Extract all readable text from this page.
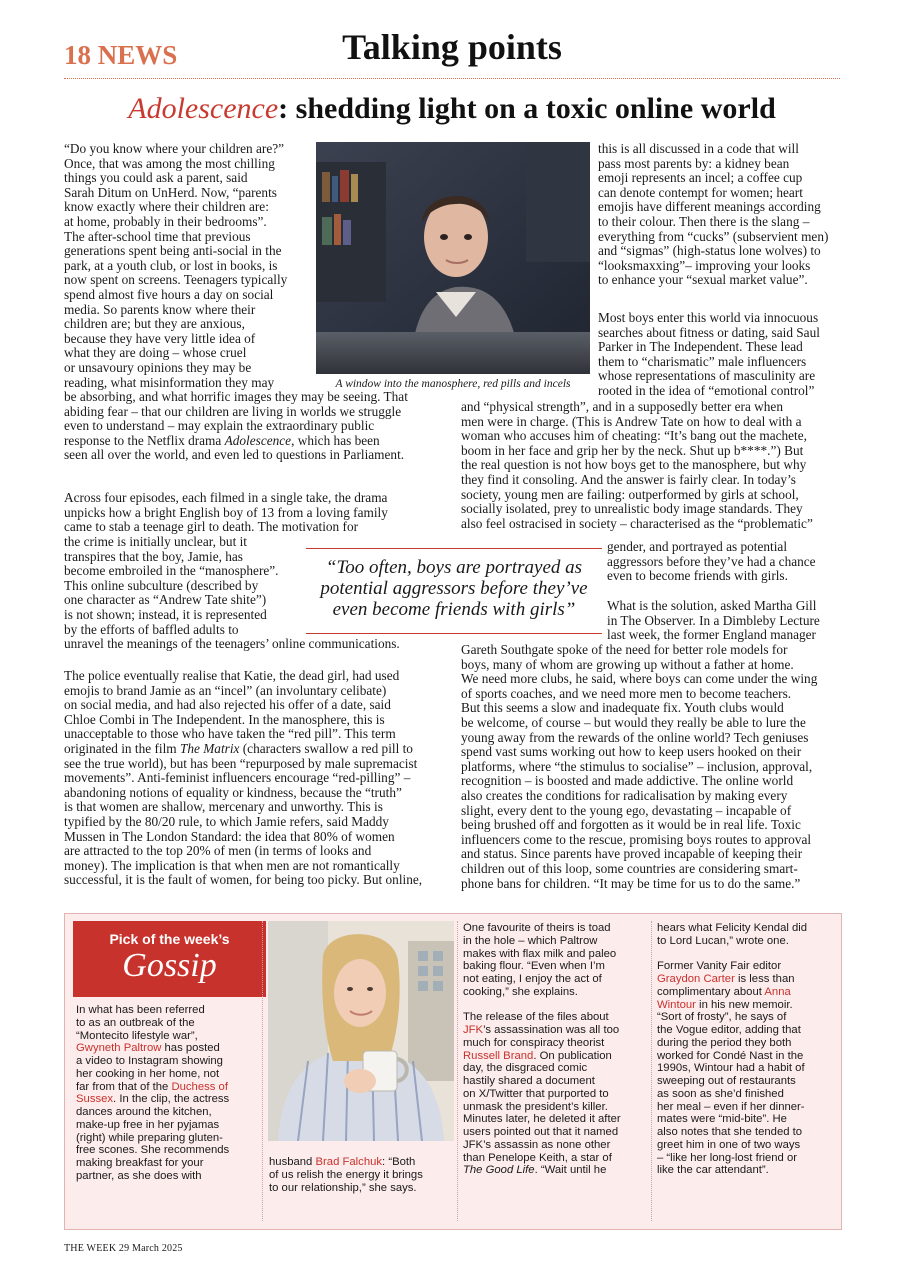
18 NEWS	Talking points
Adolescence: shedding light on a toxic online world
“Do you know where your children are?”
Once, that was among the most chilling
things you could ask a parent, said
Sarah Ditum on UnHerd. Now, “parents
know exactly where their children are:
at home, probably in their bedrooms”.
The after-school time that previous
generations spent being anti-social in the
park, at a youth club, or lost in books, is
now spent on screens. Teenagers typically
spend almost five hours a day on social
media. So parents know where their
children are; but they are anxious,
because they have very little idea of
what they are doing – whose cruel
or unsavoury opinions they may be
reading, what misinformation they may
be absorbing, and what horrific images they may be seeing. That
abiding fear – that our children are living in worlds we struggle
even to understand – may explain the extraordinary public
response to the Netflix drama Adolescence, which has been
seen all over the world, and even led to questions in Parliament.
Across four episodes, each filmed in a single take, the drama
unpicks how a bright English boy of 13 from a loving family
came to stab a teenage girl to death. The motivation for
the crime is initially unclear, but it
transpires that the boy, Jamie, has
become embroiled in the “manosphere”.
This online subculture (described by
one character as “Andrew Tate shite”)
is not shown; instead, it is represented
by the efforts of baffled adults to
unravel the meanings of the teenagers’ online communications.
The police eventually realise that Katie, the dead girl, had used
emojis to brand Jamie as an “incel” (an involuntary celibate)
on social media, and had also rejected his offer of a date, said
Chloe Combi in The Independent. In the manosphere, this is
unacceptable to those who have taken the “red pill”. This term
originated in the film The Matrix (characters swallow a red pill to
see the true world), but has been “repurposed by male supremacist
movements”. Anti-feminist influencers encourage “red-pilling” –
abandoning notions of equality or kindness, because the “truth”
is that women are shallow, mercenary and unworthy. This is
typified by the 80/20 rule, to which Jamie refers, said Maddy
Mussen in The London Standard: the idea that 80% of women
are attracted to the top 20% of men (in terms of looks and
money). The implication is that when men are not romantically
successful, it is the fault of women, for being too picky. But online,
A window into the manosphere, red pills and incels
this is all discussed in a code that will
pass most parents by: a kidney bean
emoji represents an incel; a coffee cup
can denote contempt for women; heart
emojis have different meanings according
to their colour. Then there is the slang –
everything from “cucks” (subservient men)
and “sigmas” (high-status lone wolves) to
“looksmaxxing”– improving your looks
to enhance your “sexual market value”.
Most boys enter this world via innocuous
searches about fitness or dating, said Saul
Parker in The Independent. These lead
them to “charismatic” male influencers
whose representations of masculinity are
rooted in the idea of “emotional control”
and “physical strength”, and in a supposedly better era when
men were in charge. (This is Andrew Tate on how to deal with a
woman who accuses him of cheating: “It’s bang out the machete,
boom in her face and grip her by the neck. Shut up b****.”) But
the real question is not how boys get to the manosphere, but why
they find it consoling. And the answer is fairly clear. In today’s
society, young men are failing: outperformed by girls at school,
socially isolated, prey to unrealistic body image standards. They
also feel ostracised in society – characterised as the “problematic”
gender, and portrayed as potential
aggressors before they’ve had a chance
even to become friends with girls.
What is the solution, asked Martha Gill
in The Observer. In a Dimbleby Lecture
last week, the former England manager
Gareth Southgate spoke of the need for better role models for
boys, many of whom are growing up without a father at home.
We need more clubs, he said, where boys can come under the wing
of sports coaches, and we need more men to become teachers.
But this seems a slow and inadequate fix. Youth clubs would
be welcome, of course – but would they really be able to lure the
young away from the rewards of the online world? Tech geniuses
spend vast sums working out how to keep users hooked on their
platforms, where “the stimulus to socialise” – inclusion, approval,
recognition – is boosted and made addictive. The online world
also creates the conditions for radicalisation by making every
slight, every dent to the young ego, devastating – incapable of
being brushed off and forgotten as it would be in real life. Toxic
influencers come to the rescue, promising boys routes to approval
and status. Since parents have proved incapable of keeping their
children out of this loop, some countries are considering smart-
phone bans for children. “It may be time for us to do the same.”
“Too often, boys are portrayed as
potential aggressors before they’ve
even become friends with girls”
Pick of the week’s
Gossip
In what has been referred
to as an outbreak of the
“Montecito lifestyle war”,
Gwyneth Paltrow has posted
a video to Instagram showing
her cooking in her home, not
far from that of the Duchess of
Sussex. In the clip, the actress
dances around the kitchen,
make-up free in her pyjamas
(right) while preparing gluten-
free scones. She recommends
making breakfast for your
partner, as she does with
husband Brad Falchuk: “Both
of us relish the energy it brings
to our relationship,” she says.
One favourite of theirs is toad
in the hole – which Paltrow
makes with flax milk and paleo
baking flour. “Even when I’m
not eating, I enjoy the act of
cooking,” she explains.

The release of the files about
JFK’s assassination was all too
much for conspiracy theorist
Russell Brand. On publication
day, the disgraced comic
hastily shared a document
on X/Twitter that purported to
unmask the president’s killer.
Minutes later, he deleted it after
users pointed out that it named
JFK’s assassin as none other
than Penelope Keith, a star of
The Good Life. “Wait until he
hears what Felicity Kendal did
to Lord Lucan,” wrote one.

Former Vanity Fair editor
Graydon Carter is less than
complimentary about Anna
Wintour in his new memoir.
“Sort of frosty”, he says of
the Vogue editor, adding that
during the period they both
worked for Condé Nast in the
1990s, Wintour had a habit of
sweeping out of restaurants
as soon as she’d finished
her meal – even if her dinner-
mates were “mid-bite”. He
also notes that she tended to
greet him in one of two ways
– “like her long-lost friend or
like the car attendant”.
THE WEEK 29 March 2025
